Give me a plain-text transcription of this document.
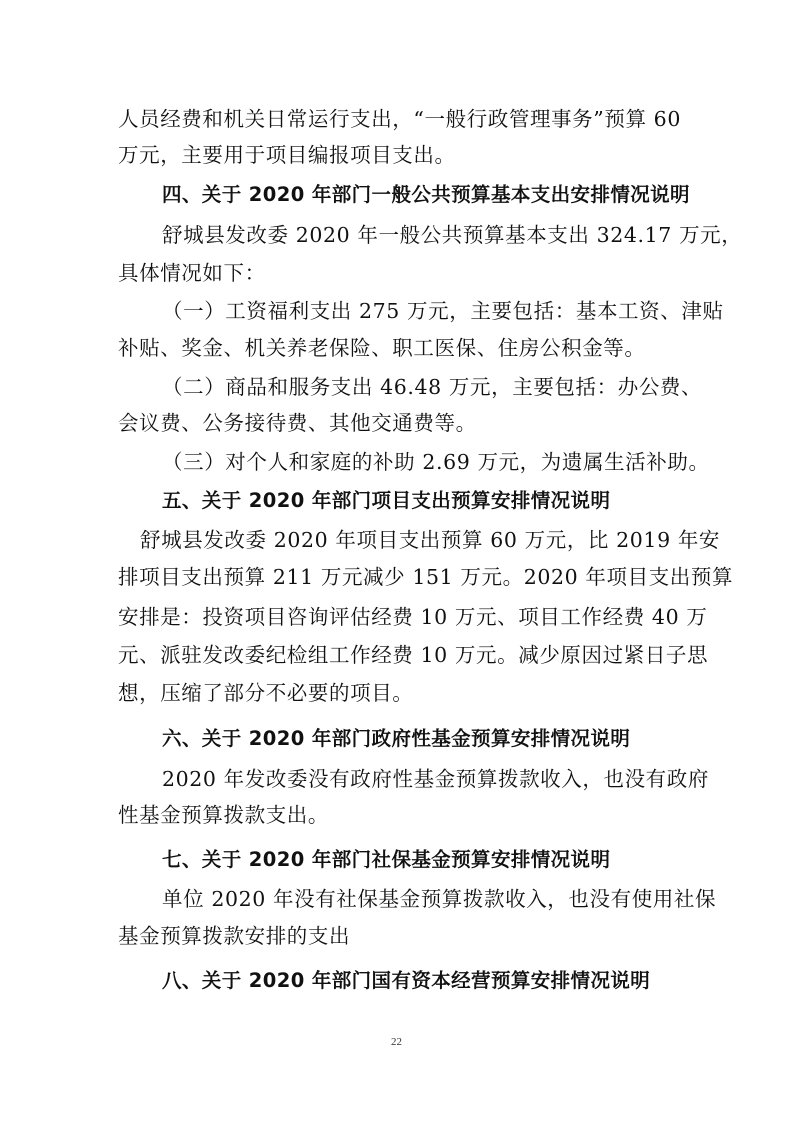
人员经费和机关日常运行支出，“一般行政管理事务”预算 60
万元，主要用于项目编报项目支出。
四、关于 2020 年部门一般公共预算基本支出安排情况说明
舒城县发改委 2020 年一般公共预算基本支出 324.17 万元，
具体情况如下：
（一）工资福利支出 275 万元，主要包括：基本工资、津贴
补贴、奖金、机关养老保险、职工医保、住房公积金等。
（二）商品和服务支出 46.48 万元，主要包括：办公费、
会议费、公务接待费、其他交通费等。
（三）对个人和家庭的补助 2.69 万元，为遗属生活补助。
五、关于 2020 年部门项目支出预算安排情况说明
舒城县发改委 2020 年项目支出预算 60 万元，比 2019 年安
排项目支出预算 211 万元减少 151 万元。2020 年项目支出预算
安排是：投资项目咨询评估经费 10 万元、项目工作经费 40 万
元、派驻发改委纪检组工作经费 10 万元。减少原因过紧日子思
想，压缩了部分不必要的项目。
六、关于 2020 年部门政府性基金预算安排情况说明
2020 年发改委没有政府性基金预算拨款收入，也没有政府
性基金预算拨款支出。
七、关于 2020 年部门社保基金预算安排情况说明
单位 2020 年没有社保基金预算拨款收入，也没有使用社保
基金预算拨款安排的支出
八、关于 2020 年部门国有资本经营预算安排情况说明
22
